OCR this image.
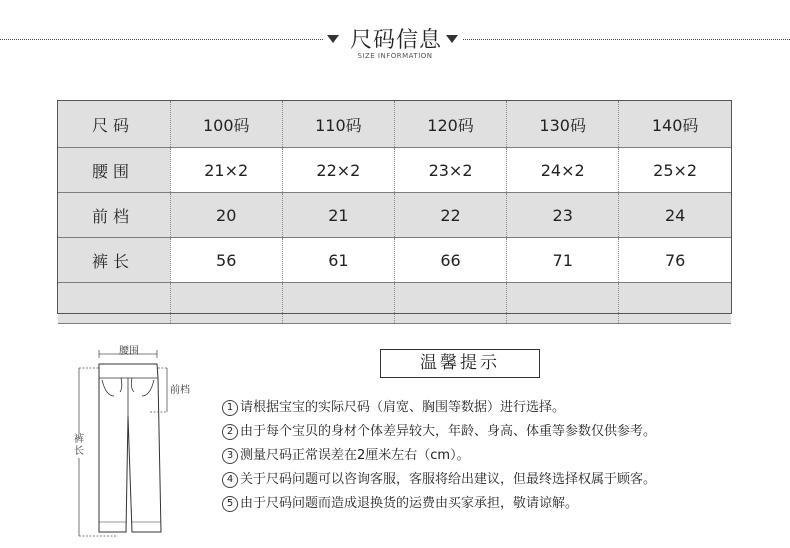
尺码信息
SIZE INFORMATION
尺码	100码	110码	120码	130码	140码
腰围	21×2	22×2	23×2	24×2	25×2
前档	20	21	22	23	24
裤长	56	61	66	71	76

腰围
前档
裤长
温馨提示
1 请根据宝宝的实际尺码（肩宽、胸围等数据）进行选择。
2 由于每个宝贝的身材个体差异较大，年龄、身高、体重等参数仅供参考。
3 测量尺码正常误差在2厘米左右（cm）。
4 关于尺码问题可以咨询客服，客服将给出建议，但最终选择权属于顾客。
5 由于尺码问题而造成退换货的运费由买家承担，敬请谅解。
